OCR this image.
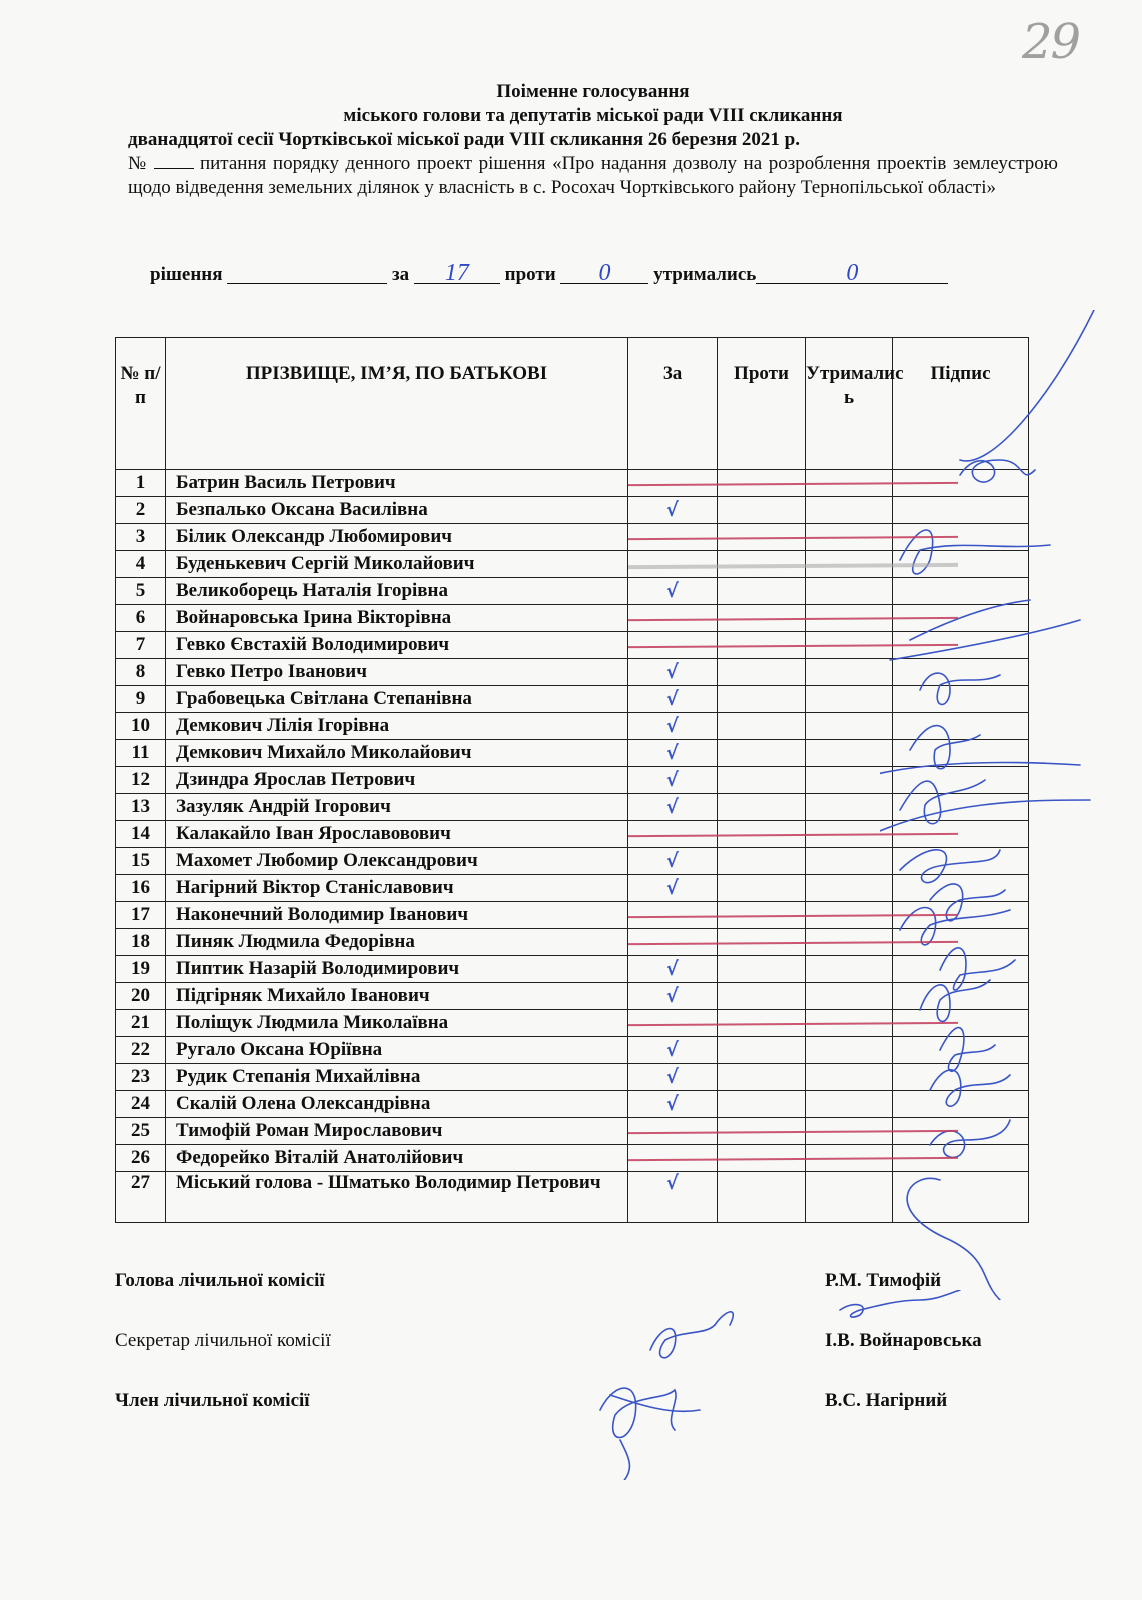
29
Поіменне голосування
міського голови та депутатів міської ради VIII скликання
дванадцятої сесії Чортківської міської ради VIII скликання 26 березня 2021 р.
№	питання порядку денного проект рішення «Про надання дозволу на розроблення проектів землеустрою щодо відведення земельних ділянок у власність в с. Росохач Чортківського району Тернопільської області»
рішення	за 17 проти 0 утримались	0
№ п/п	ПРІЗВИЩЕ, ІМ’Я, ПО БАТЬКОВІ	За	Проти	Утрималис ь	Підпис
1	Батрин Василь Петрович				
2	Безпалько Оксана Василівна	√			
3	Білик Олександр Любомирович				
4	Буденькевич Сергій Миколайович				
5	Великоборець Наталія Ігорівна	√			
6	Войнаровська Ірина Вікторівна				
7	Гевко Євстахій Володимирович				
8	Гевко Петро Іванович	√			
9	Грабовецька Світлана Степанівна	√			
10	Демкович Лілія Ігорівна	√			
11	Демкович Михайло Миколайович	√			
12	Дзиндра Ярослав Петрович	√			
13	Зазуляк Андрій Ігорович	√			
14	Калакайло Іван Ярославовович				
15	Махомет Любомир Олександрович	√			
16	Нагірний Віктор Станіславович	√			
17	Наконечний Володимир Іванович				
18	Пиняк Людмила Федорівна				
19	Пиптик Назарій Володимирович	√			
20	Підгірняк Михайло Іванович	√			
21	Поліщук Людмила Миколаївна				
22	Ругало Оксана Юріївна	√			
23	Рудик Степанія Михайлівна	√			
24	Скалій Олена Олександрівна	√			
25	Тимофій Роман Мирославович				
26	Федорейко Віталій Анатолійович				
27	Міський голова - Шматько Володимир Петрович	√			
Голова лічильної комісії	Р.М. Тимофій
Секретар лічильної комісії	І.В. Войнаровська
Член лічильної комісії	В.С. Нагірний
